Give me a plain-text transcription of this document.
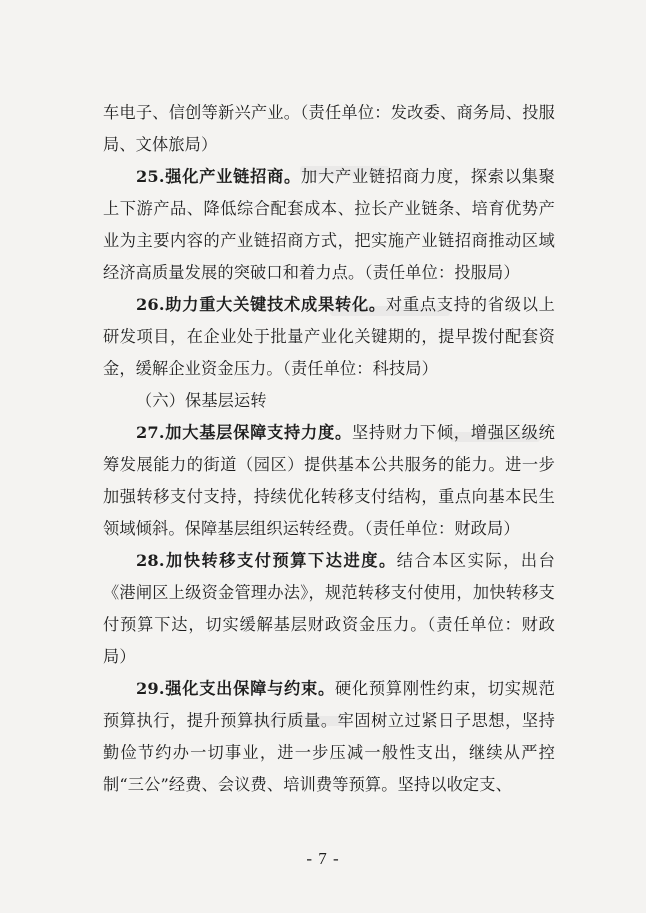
车电子、信创等新兴产业。（责任单位：发改委、商务局、投服局、文体旅局）

25.强化产业链招商。加大产业链招商力度，探索以集聚上下游产品、降低综合配套成本、拉长产业链条、培育优势产业为主要内容的产业链招商方式，把实施产业链招商推动区域经济高质量发展的突破口和着力点。（责任单位：投服局）

26.助力重大关键技术成果转化。对重点支持的省级以上研发项目，在企业处于批量产业化关键期的，提早拨付配套资金，缓解企业资金压力。（责任单位：科技局）

（六）保基层运转

27.加大基层保障支持力度。坚持财力下倾，增强区级统筹发展能力的街道（园区）提供基本公共服务的能力。进一步加强转移支付支持，持续优化转移支付结构，重点向基本民生领域倾斜。保障基层组织运转经费。（责任单位：财政局）

28.加快转移支付预算下达进度。结合本区实际，出台《港闸区上级资金管理办法》，规范转移支付使用，加快转移支付预算下达，切实缓解基层财政资金压力。（责任单位：财政局）

29.强化支出保障与约束。硬化预算刚性约束，切实规范预算执行，提升预算执行质量。牢固树立过紧日子思想，坚持勤俭节约办一切事业，进一步压减一般性支出，继续从严控制“三公”经费、会议费、培训费等预算。坚持以收定支、

- 7 -
